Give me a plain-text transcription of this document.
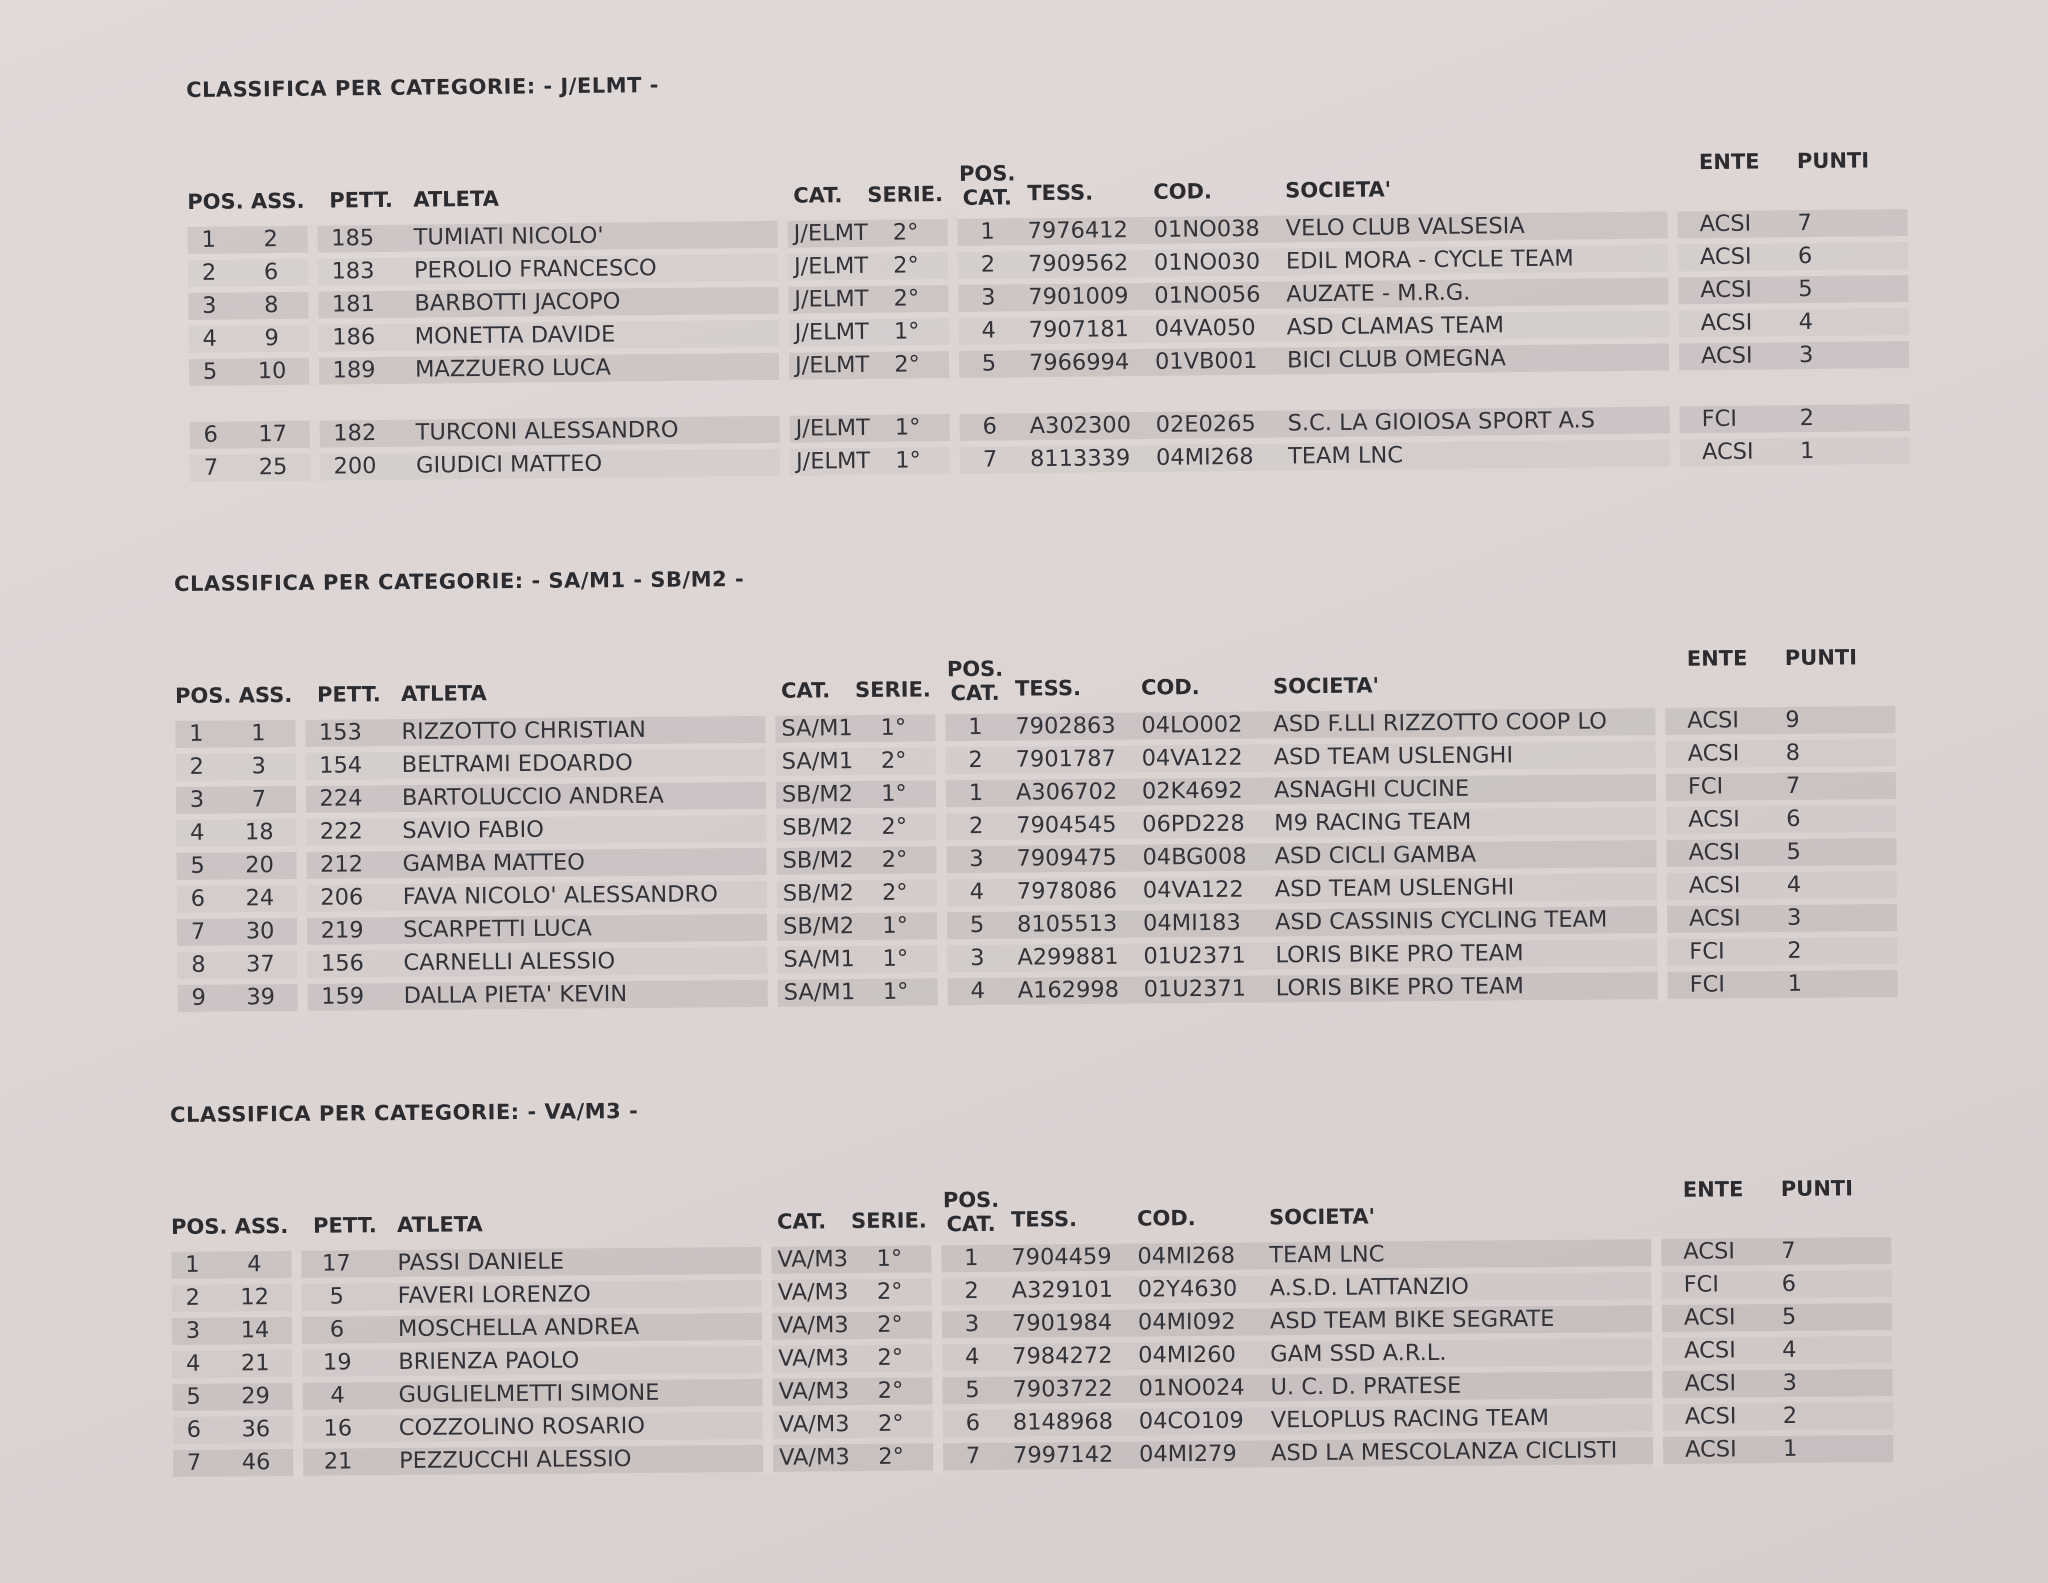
CLASSIFICA PER CATEGORIE: - J/ELMT -
POS. ASS. PETT. ATLETA	CAT. SERIE.	TESS.	COD.	SOCIETA'
ENTE PUNTI
POS.
CAT.
1	2	185	TUMIATI NICOLO'	J/ELMT	2°	1	7976412 01NO038 VELO CLUB VALSESIA	ACSI 7
2	6	183	PEROLIO FRANCESCO	J/ELMT	2°	2	7909562 01NO030 EDIL MORA - CYCLE TEAM	ACSI 6
3	8	181	BARBOTTI JACOPO	J/ELMT	2°	3	7901009 01NO056 AUZATE - M.R.G.	ACSI 5
4	9	186	MONETTA DAVIDE	J/ELMT	1°	4	7907181 04VA050 ASD CLAMAS TEAM	ACSI 4
5	10	189	MAZZUERO LUCA	J/ELMT	2°	5	7966994 01VB001 BICI CLUB OMEGNA	ACSI 3
6	17	182	TURCONI ALESSANDRO	J/ELMT	1°	6	A302300 02E0265 S.C. LA GIOIOSA SPORT A.S	FCI	2
7	25	200	GIUDICI MATTEO	J/ELMT	1°	7	8113339 04MI268 TEAM LNC	ACSI 1
CLASSIFICA PER CATEGORIE: - SA/M1 - SB/M2 -
POS. ASS. PETT. ATLETA	CAT. SERIE.	TESS.	COD.	SOCIETA'
ENTE PUNTI
POS.
CAT.
1	1	153	RIZZOTTO CHRISTIAN	SA/M1	1°	1	7902863 04LO002 ASD F.LLI RIZZOTTO COOP LO	ACSI 9
2	3	154	BELTRAMI EDOARDO	SA/M1	2°	2	7901787 04VA122 ASD TEAM USLENGHI	ACSI 8
3	7	224	BARTOLUCCIO ANDREA	SB/M2	1°	1	A306702 02K4692 ASNAGHI CUCINE	FCI	7
4	18	222	SAVIO FABIO	SB/M2	2°	2	7904545 06PD228 M9 RACING TEAM	ACSI 6
5	20	212	GAMBA MATTEO	SB/M2	2°	3	7909475 04BG008 ASD CICLI GAMBA	ACSI 5
6	24	206	FAVA NICOLO' ALESSANDRO	SB/M2	2°	4	7978086 04VA122 ASD TEAM USLENGHI	ACSI 4
7	30	219	SCARPETTI LUCA	SB/M2	1°	5	8105513 04MI183 ASD CASSINIS CYCLING TEAM	ACSI 3
8	37	156	CARNELLI ALESSIO	SA/M1	1°	3	A299881 01U2371 LORIS BIKE PRO TEAM	FCI	2
9	39	159	DALLA PIETA' KEVIN	SA/M1	1°	4	A162998 01U2371 LORIS BIKE PRO TEAM	FCI	1
CLASSIFICA PER CATEGORIE: - VA/M3 -
POS. ASS. PETT. ATLETA	CAT. SERIE.	TESS.	COD.	SOCIETA'
ENTE PUNTI
POS.
CAT.
1	4	17	PASSI DANIELE	VA/M3	1°	1	7904459 04MI268 TEAM LNC	ACSI 7
2	12	5	FAVERI LORENZO	VA/M3	2°	2	A329101 02Y4630 A.S.D. LATTANZIO	FCI	6
3	14	6	MOSCHELLA ANDREA	VA/M3	2°	3	7901984 04MI092 ASD TEAM BIKE SEGRATE	ACSI 5
4	21	19	BRIENZA PAOLO	VA/M3	2°	4	7984272 04MI260 GAM SSD A.R.L.	ACSI 4
5	29	4	GUGLIELMETTI SIMONE	VA/M3	2°	5	7903722 01NO024 U. C. D. PRATESE	ACSI 3
6	36	16	COZZOLINO ROSARIO	VA/M3	2°	6	8148968 04CO109 VELOPLUS RACING TEAM	ACSI 2
7	46	21	PEZZUCCHI ALESSIO	VA/M3	2°	7	7997142 04MI279 ASD LA MESCOLANZA CICLISTI	ACSI 1
